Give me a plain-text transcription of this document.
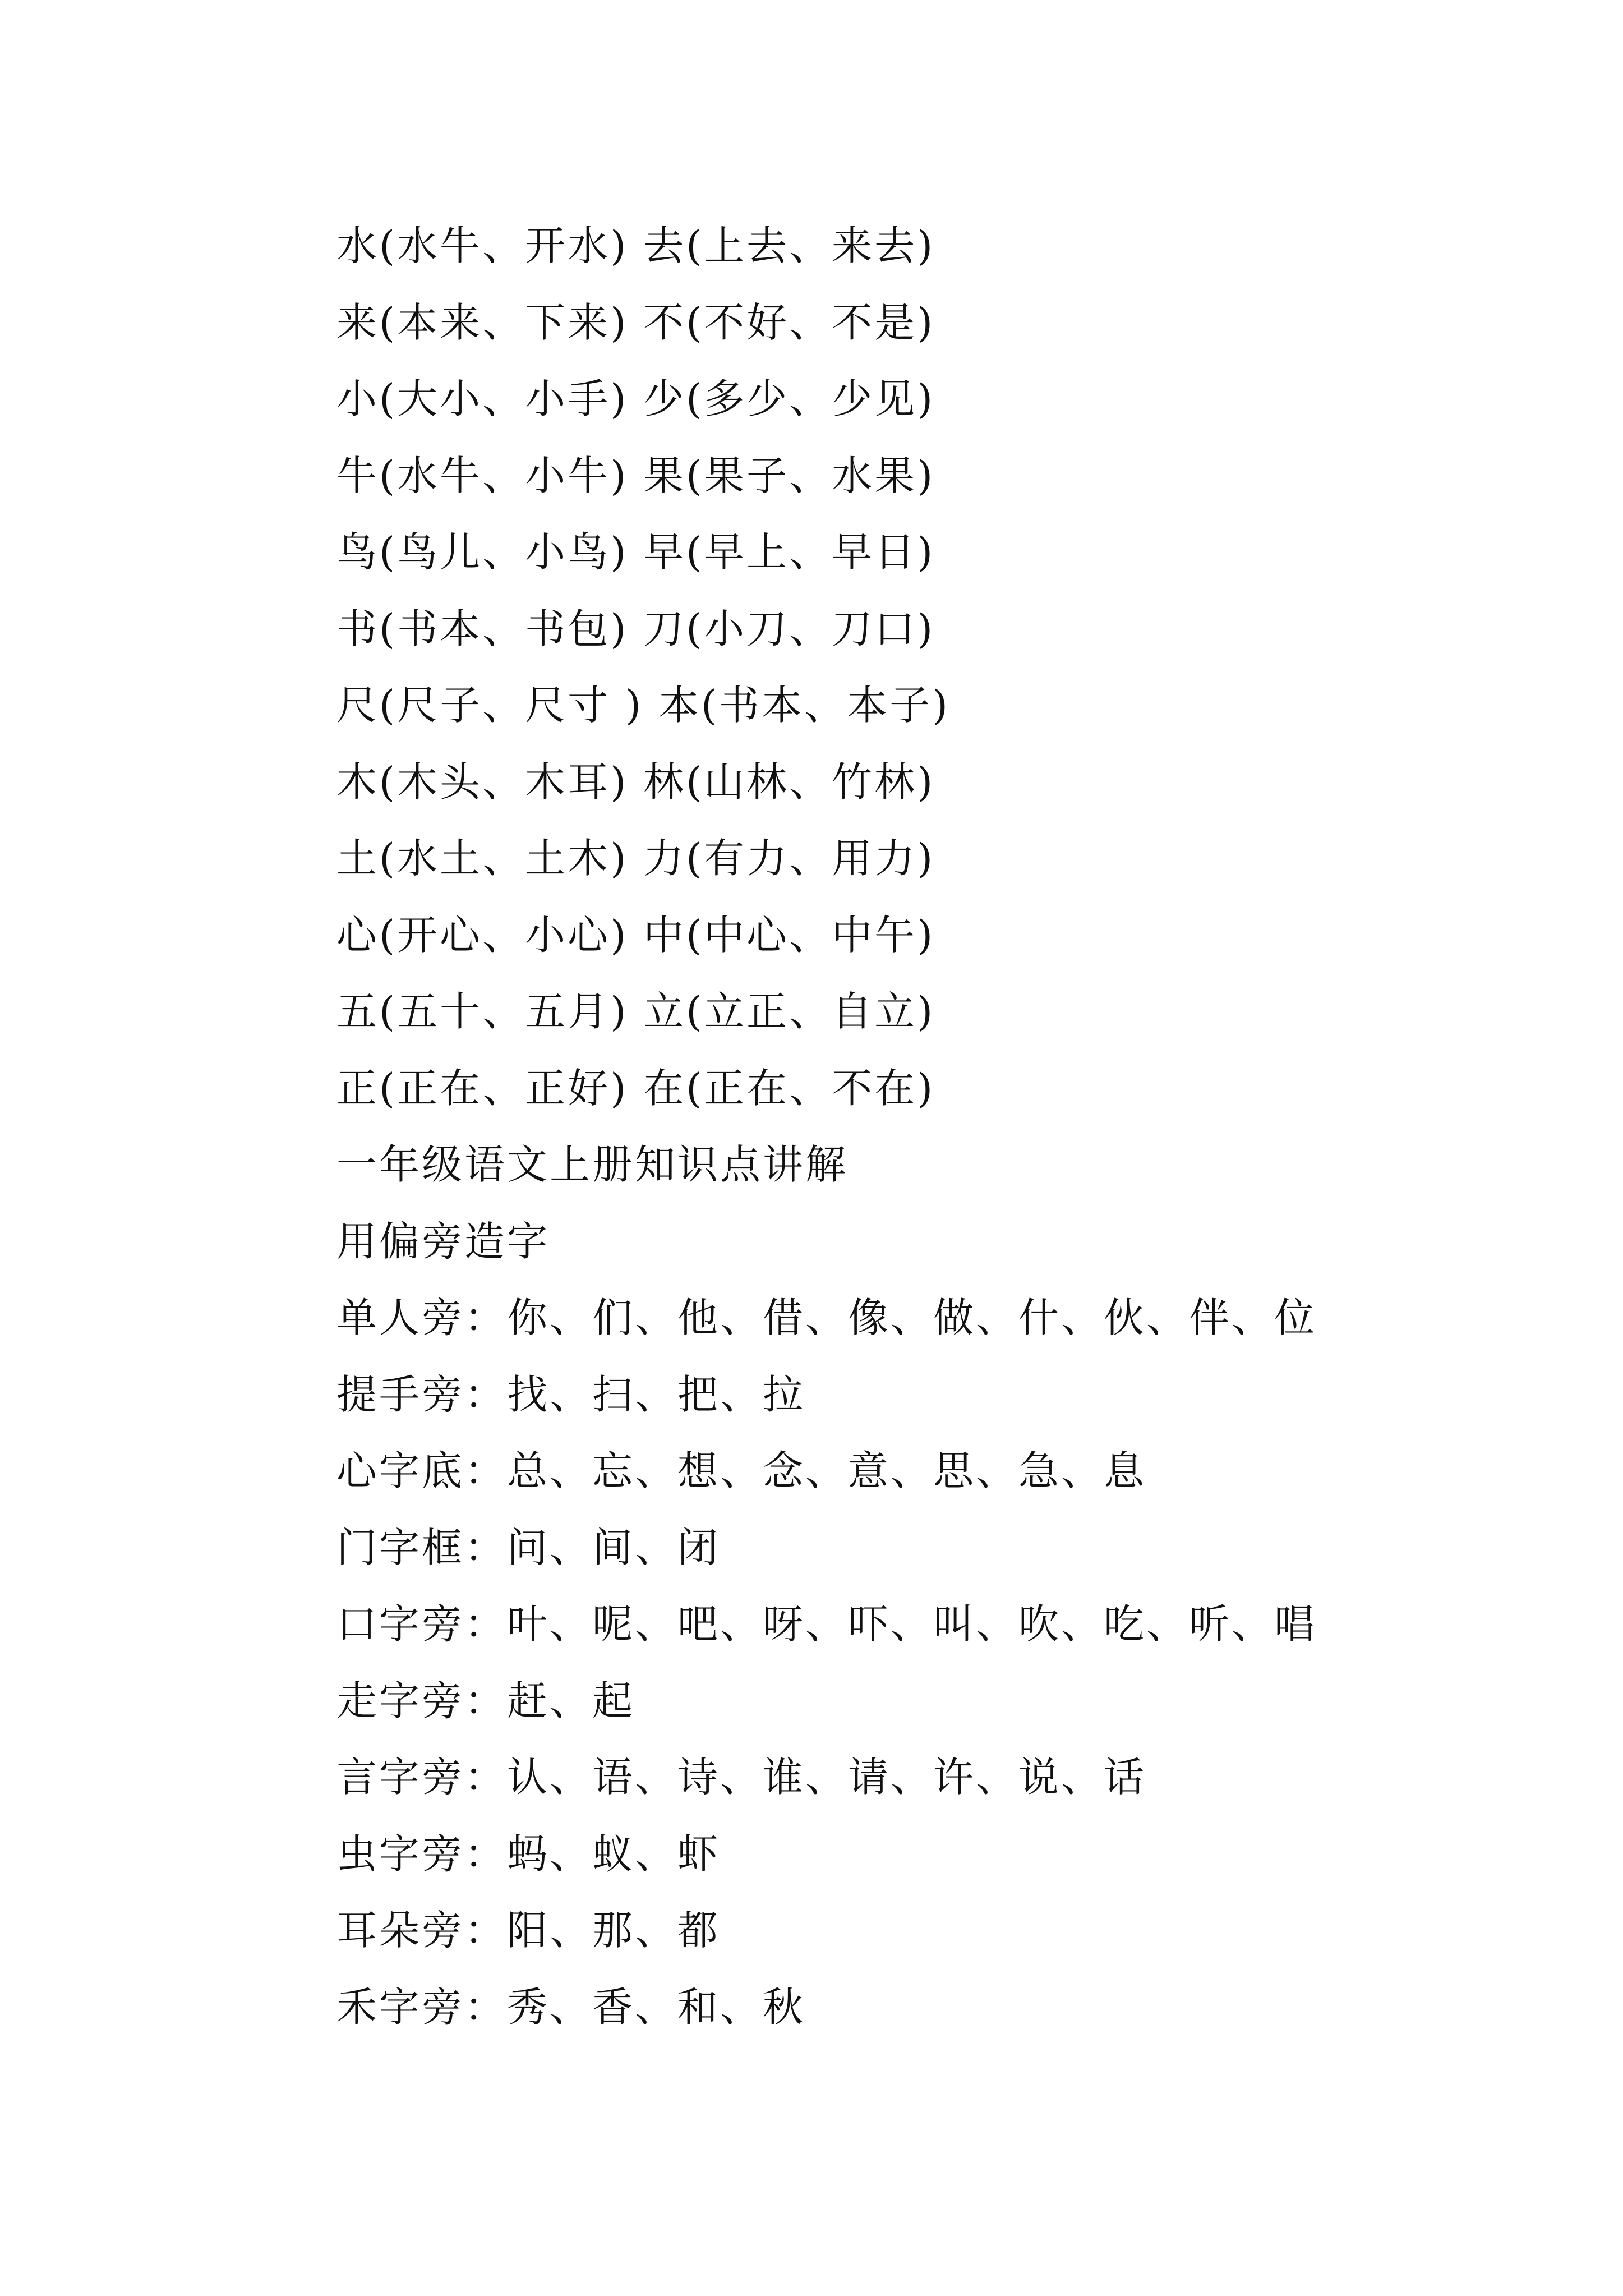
水(水牛、开水) 去(上去、来去)
来(本来、下来) 不(不好、不是)
小(大小、小手) 少(多少、少见)
牛(水牛、小牛) 果(果子、水果)
鸟(鸟儿、小鸟) 早(早上、早日)
书(书本、书包) 刀(小刀、刀口)
尺(尺子、尺寸 ) 本(书本、本子)
木(木头、木耳) 林(山林、竹林)
土(水土、土木) 力(有力、用力)
心(开心、小心) 中(中心、中午)
五(五十、五月) 立(立正、自立)
正(正在、正好) 在(正在、不在)
一年级语文上册知识点讲解
用偏旁造字
单人旁：你、们、他、借、像、做、什、伙、伴、位
提手旁：找、扫、把、拉
心字底：总、忘、想、念、意、思、急、息
门字框：问、间、闭
口字旁：叶、呢、吧、呀、吓、叫、吹、吃、听、唱
走字旁：赶、起
言字旁：认、语、诗、谁、请、许、说、话
虫字旁：蚂、蚁、虾
耳朵旁：阳、那、都
禾字旁：秀、香、和、秋
